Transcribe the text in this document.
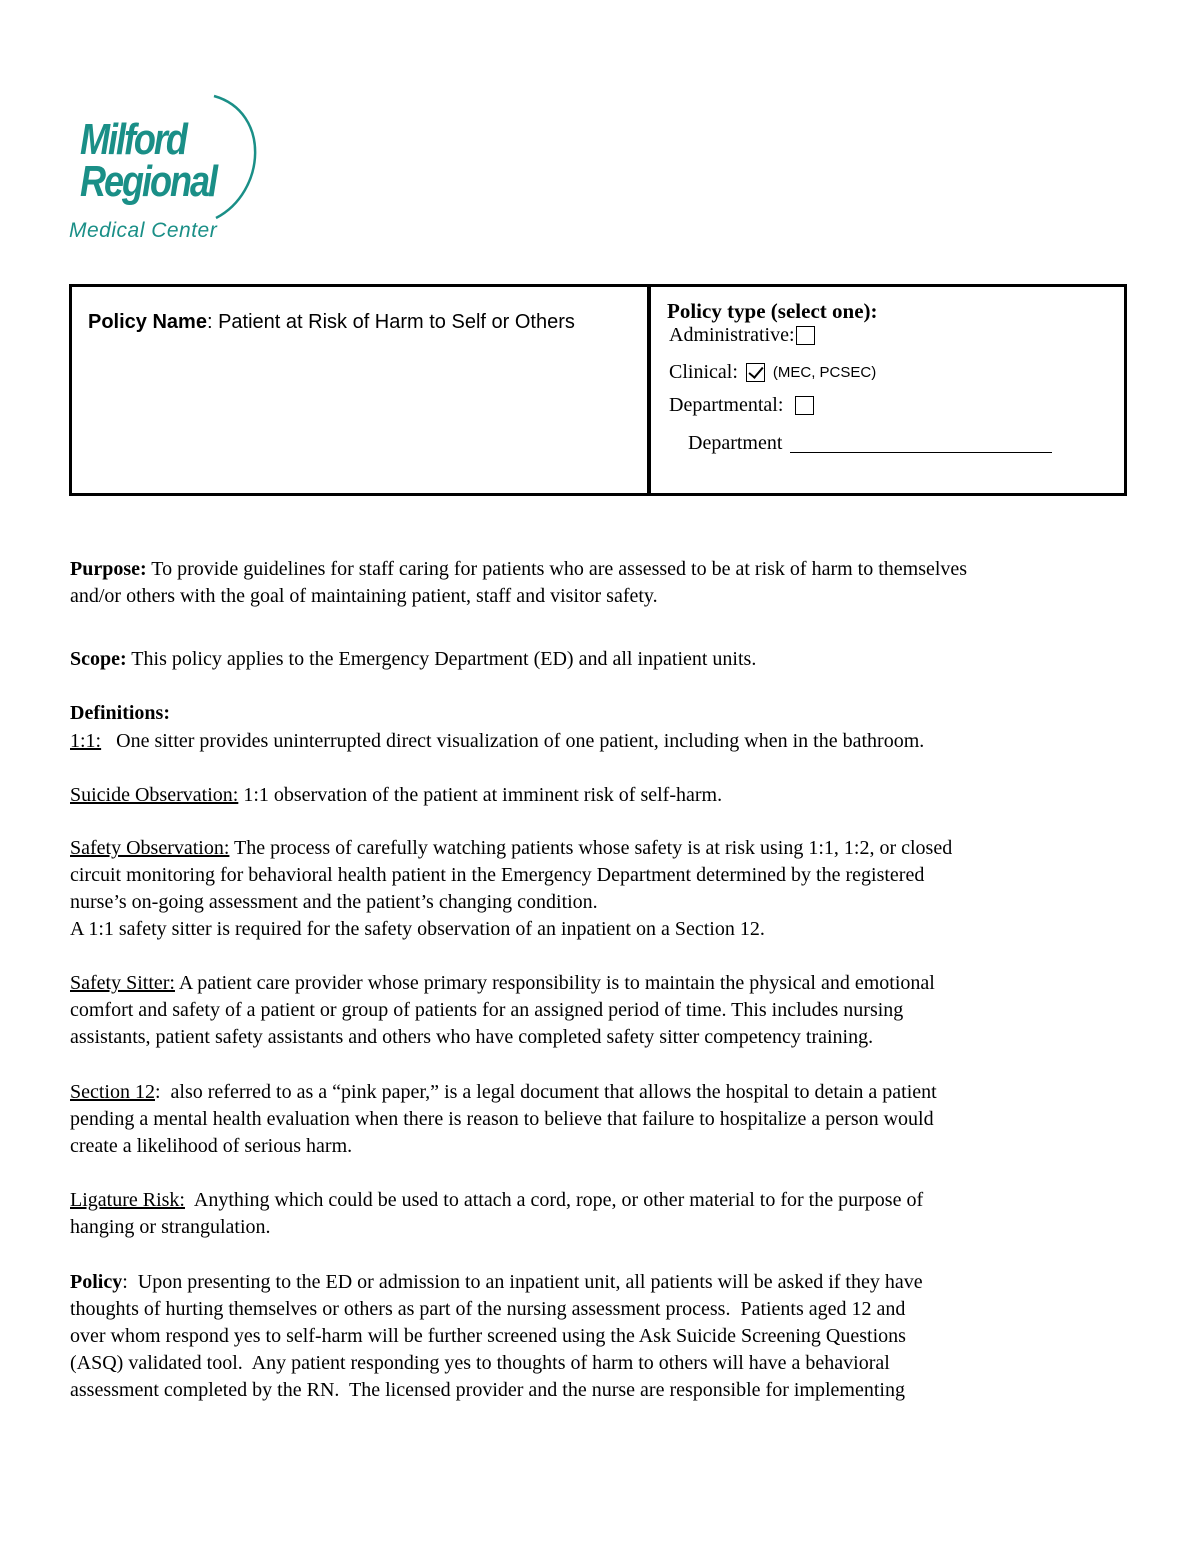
Milford
Regional
Medical Center
Policy Name: Patient at Risk of Harm to Self or Others	Policy type (select one):
Administrative:
Clinical: (MEC, PCSEC)
Departmental:
Department
Purpose: To provide guidelines for staff caring for patients who are assessed to be at risk of harm to themselves
and/or others with the goal of maintaining patient, staff and visitor safety.
Scope: This policy applies to the Emergency Department (ED) and all inpatient units.
Definitions:
1:1:   One sitter provides uninterrupted direct visualization of one patient, including when in the bathroom.
Suicide Observation: 1:1 observation of the patient at imminent risk of self-harm.
Safety Observation: The process of carefully watching patients whose safety is at risk using 1:1, 1:2, or closed
circuit monitoring for behavioral health patient in the Emergency Department determined by the registered
nurse’s on-going assessment and the patient’s changing condition.
A 1:1 safety sitter is required for the safety observation of an inpatient on a Section 12.
Safety Sitter: A patient care provider whose primary responsibility is to maintain the physical and emotional
comfort and safety of a patient or group of patients for an assigned period of time. This includes nursing
assistants, patient safety assistants and others who have completed safety sitter competency training.
Section 12:  also referred to as a “pink paper,” is a legal document that allows the hospital to detain a patient
pending a mental health evaluation when there is reason to believe that failure to hospitalize a person would
create a likelihood of serious harm.
Ligature Risk:  Anything which could be used to attach a cord, rope, or other material to for the purpose of
hanging or strangulation.
Policy:  Upon presenting to the ED or admission to an inpatient unit, all patients will be asked if they have
thoughts of hurting themselves or others as part of the nursing assessment process.  Patients aged 12 and
over whom respond yes to self-harm will be further screened using the Ask Suicide Screening Questions
(ASQ) validated tool.  Any patient responding yes to thoughts of harm to others will have a behavioral
assessment completed by the RN.  The licensed provider and the nurse are responsible for implementing
